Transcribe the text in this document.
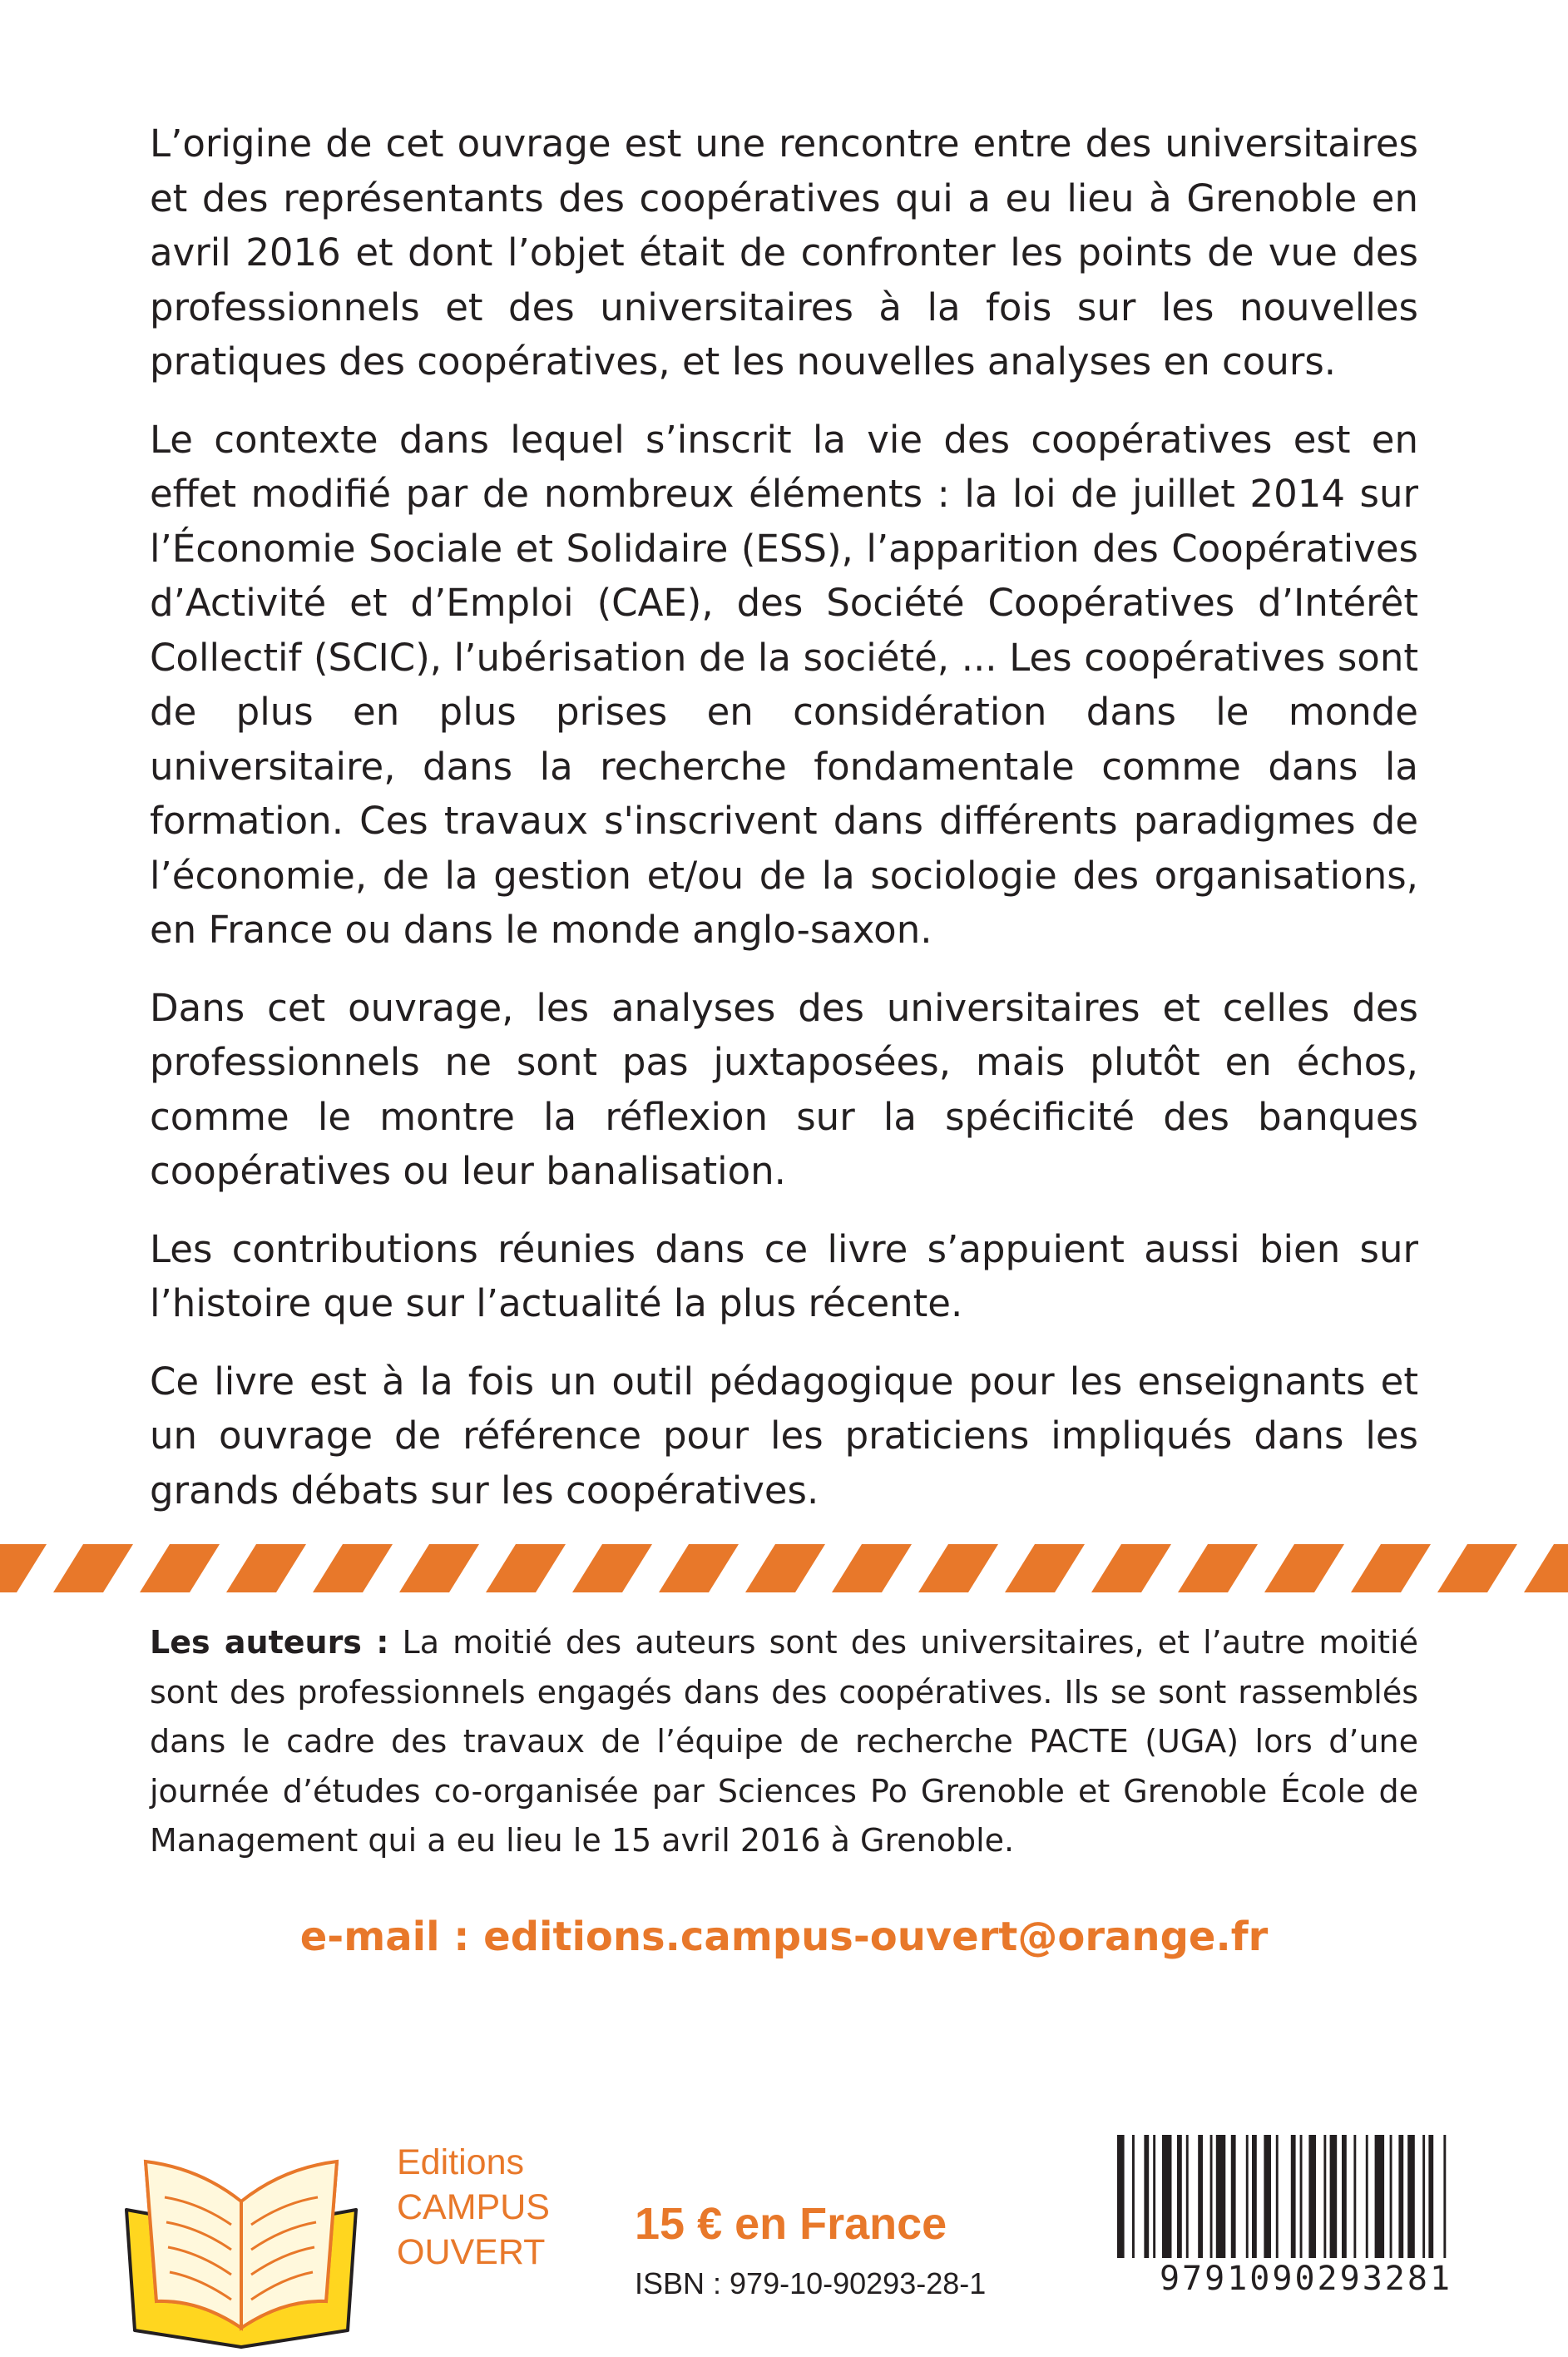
L’origine de cet ouvrage est une rencontre entre des universitaires et des représentants des coopératives qui a eu lieu à Grenoble en avril 2016 et dont l’objet était de confronter les points de vue des professionnels et des universitaires à la fois sur les nouvelles pratiques des coopératives, et les nouvelles analyses en cours.

Le contexte dans lequel s’inscrit la vie des coopératives est en effet modifié par de nombreux éléments : la loi de juillet 2014 sur l’Économie Sociale et Solidaire (ESS), l’apparition des Coopératives d’Activité et d’Emploi (CAE), des Société Coopératives d’Intérêt Collectif (SCIC), l’ubérisation de la société, ... Les coopératives sont de plus en plus prises en considération dans le monde universitaire, dans la recherche fondamentale comme dans la formation. Ces travaux s'inscrivent dans différents paradigmes de l’économie, de la gestion et/ou de la sociologie des organisations, en France ou dans le monde anglo-saxon.

Dans cet ouvrage, les analyses des universitaires et celles des professionnels ne sont pas juxtaposées, mais plutôt en échos, comme le montre la réflexion sur la spécificité des banques coopératives ou leur banalisation.

Les contributions réunies dans ce livre s’appuient aussi bien sur l’histoire que sur l’actualité la plus récente.

Ce livre est à la fois un outil pédagogique pour les enseignants et un ouvrage de référence pour les praticiens impliqués dans les grands débats sur les coopératives.

Les auteurs : La moitié des auteurs sont des universitaires, et l’autre moitié sont des professionnels engagés dans des coopératives. Ils se sont rassemblés dans le cadre des travaux de l’équipe de recherche PACTE (UGA) lors d’une journée d’études co-organisée par Sciences Po Grenoble et Grenoble École de Management qui a eu lieu le 15 avril 2016 à Grenoble.
e-mail : editions.campus-ouvert@orange.fr
Editions
CAMPUS
OUVERT
15 € en France
ISBN : 979-10-90293-28-1	9791090293281
